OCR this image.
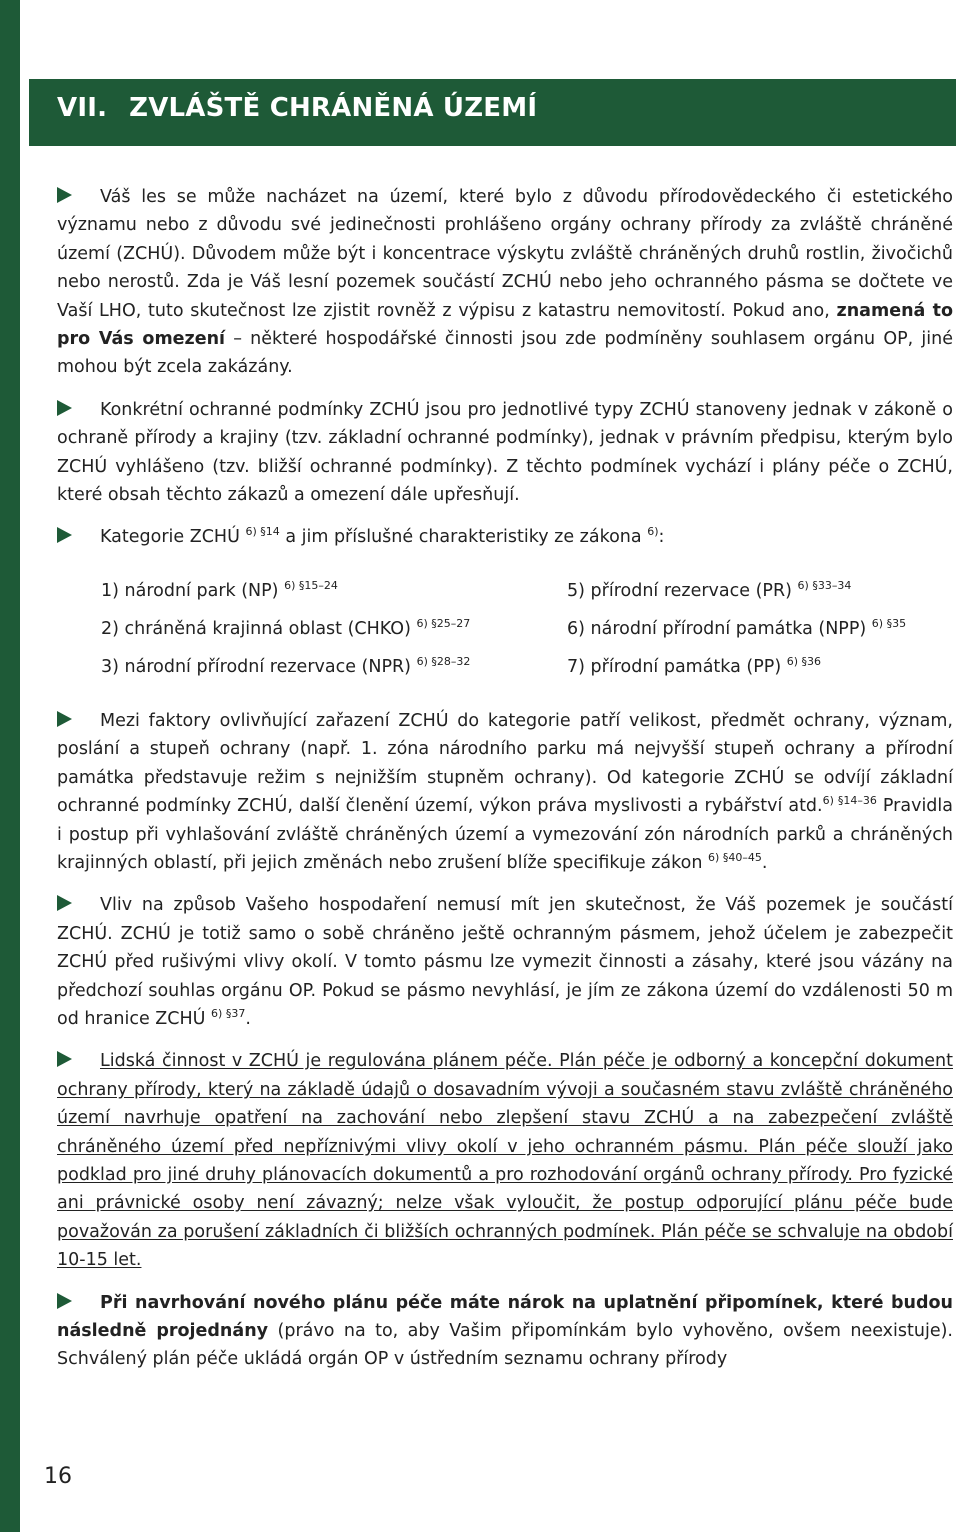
VII. ZVLÁŠTĚ CHRÁNĚNÁ ÚZEMÍ

Váš les se může nacházet na území, které bylo z důvodu přírodovědeckého či estetického významu nebo z důvodu své jedinečnosti prohlášeno orgány ochrany přírody za zvláště chráněné území (ZCHÚ). Důvodem může být i koncentrace výskytu zvláště chráněných druhů rostlin, živočichů nebo nerostů. Zda je Váš lesní pozemek součástí ZCHÚ nebo jeho ochranného pásma se dočtete ve Vaší LHO, tuto skutečnost lze zjistit rovněž z výpisu z katastru nemovitostí. Pokud ano, znamená to pro Vás omezení – některé hospodářské činnosti jsou zde podmíněny souhlasem orgánu OP, jiné mohou být zcela zakázány.

Konkrétní ochranné podmínky ZCHÚ jsou pro jednotlivé typy ZCHÚ stanoveny jednak v zákoně o ochraně přírody a krajiny (tzv. základní ochranné podmínky), jednak v právním předpisu, kterým bylo ZCHÚ vyhlášeno (tzv. bližší ochranné podmínky). Z těchto podmínek vychází i plány péče o ZCHÚ, které obsah těchto zákazů a omezení dále upřesňují.

Kategorie ZCHÚ $^{6) \S 14}$ a jim příslušné charakteristiky ze zákona $^{6)}$:

1) národní park (NP) $^{6) \S 15-24}$	5) přírodní rezervace (PR) $^{6) \S 33-34}$
2) chráněná krajinná oblast (CHKO) $^{6) \S 25-27}$	6) národní přírodní památka (NPP) $^{6) \S 35}$
3) národní přírodní rezervace (NPR) $^{6) \S 28-32}$	7) přírodní památka (PP) $^{6) \S 36}$

Mezi faktory ovlivňující zařazení ZCHÚ do kategorie patří velikost, předmět ochrany, význam, poslání a stupeň ochrany (např. 1. zóna národního parku má nejvyšší stupeň ochrany a přírodní památka představuje režim s nejnižším stupněm ochrany). Od kategorie ZCHÚ se odvíjí základní ochranné podmínky ZCHÚ, další členění území, výkon práva myslivosti a rybářství atd.$^{6) \S 14-36}$ Pravidla i postup při vyhlašování zvláště chráněných území a vymezování zón národních parků a chráněných krajinných oblastí, při jejich změnách nebo zrušení blíže specifikuje zákon $^{6) \S 40-45}$.

Vliv na způsob Vašeho hospodaření nemusí mít jen skutečnost, že Váš pozemek je součástí ZCHÚ. ZCHÚ je totiž samo o sobě chráněno ještě ochranným pásmem, jehož účelem je zabezpečit ZCHÚ před rušivými vlivy okolí. V tomto pásmu lze vymezit činnosti a zásahy, které jsou vázány na předchozí souhlas orgánu OP. Pokud se pásmo nevyhlásí, je jím ze zákona území do vzdálenosti 50 m od hranice ZCHÚ $^{6) \S 37}$.

Lidská činnost v ZCHÚ je regulována plánem péče. Plán péče je odborný a koncepční dokument ochrany přírody, který na základě údajů o dosavadním vývoji a současném stavu zvláště chráněného území navrhuje opatření na zachování nebo zlepšení stavu ZCHÚ a na zabezpečení zvláště chráněného území před nepříznivými vlivy okolí v jeho ochranném pásmu. Plán péče slouží jako podklad pro jiné druhy plánovacích dokumentů a pro rozhodování orgánů ochrany přírody. Pro fyzické ani právnické osoby není závazný; nelze však vyloučit, že postup odporující plánu péče bude považován za porušení základních či bližších ochranných podmínek. Plán péče se schvaluje na období 10-15 let.

Při navrhování nového plánu péče máte nárok na uplatnění připomínek, které budou následně projednány (právo na to, aby Vašim připomínkám bylo vyhověno, ovšem neexistuje). Schválený plán péče ukládá orgán OP v ústředním seznamu ochrany přírody

16
